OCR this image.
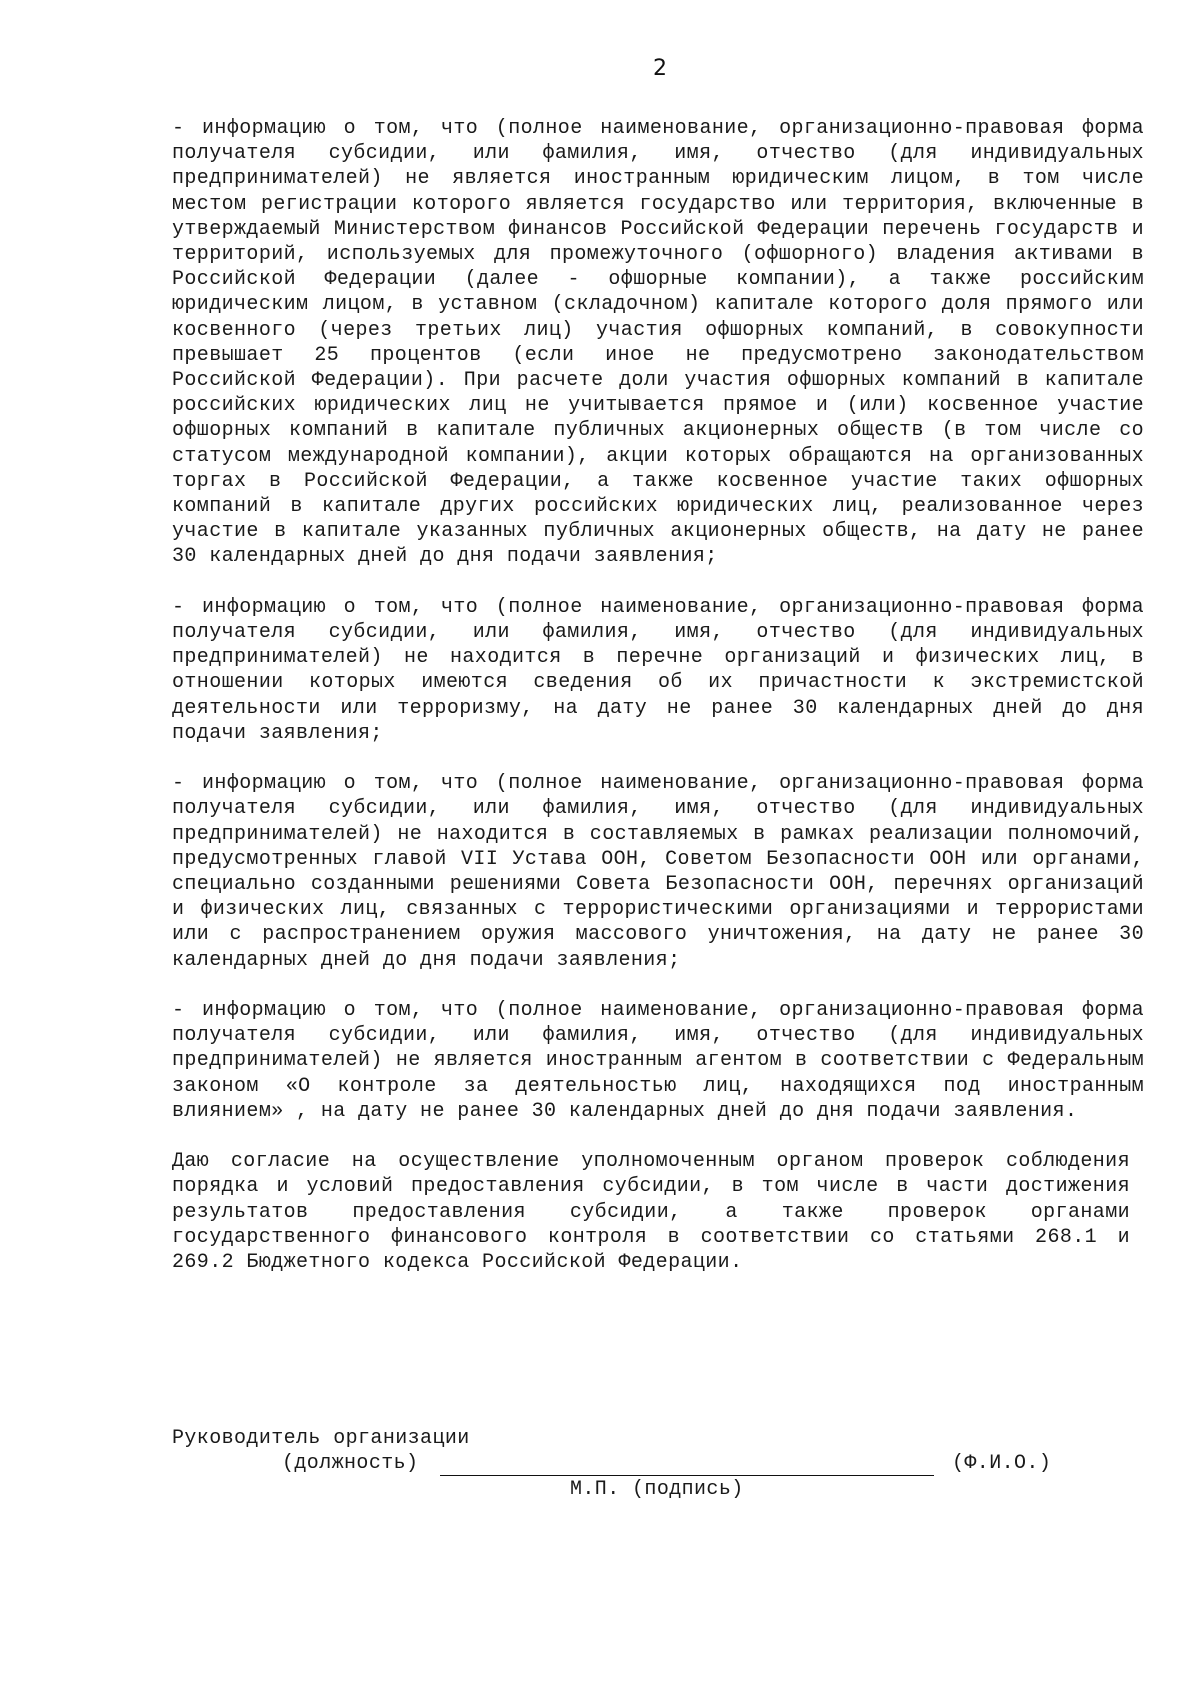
2

- информацию о том, что (полное наименование, организационно-правовая форма получателя субсидии, или фамилия, имя, отчество (для индивидуальных предпринимателей) не является иностранным юридическим лицом, в том числе местом регистрации которого является государство или территория, включенные в утверждаемый Министерством финансов Российской Федерации перечень государств и территорий, используемых для промежуточного (офшорного) владения активами в Российской Федерации (далее - офшорные компании), а также российским юридическим лицом, в уставном (складочном) капитале которого доля прямого или косвенного (через третьих лиц) участия офшорных компаний, в совокупности превышает 25 процентов (если иное не предусмотрено законодательством Российской Федерации). При расчете доли участия офшорных компаний в капитале российских юридических лиц не учитывается прямое и (или) косвенное участие офшорных компаний в капитале публичных акционерных обществ (в том числе со статусом международной компании), акции которых обращаются на организованных торгах в Российской Федерации, а также косвенное участие таких офшорных компаний в капитале других российских юридических лиц, реализованное через участие в капитале указанных публичных акционерных обществ, на дату не ранее 30 календарных дней до дня подачи заявления;

- информацию о том, что (полное наименование, организационно-правовая форма получателя субсидии, или фамилия, имя, отчество (для индивидуальных предпринимателей) не находится в перечне организаций и физических лиц, в отношении которых имеются сведения об их причастности к экстремистской деятельности или терроризму, на дату не ранее 30 календарных дней до дня подачи заявления;

- информацию о том, что (полное наименование, организационно-правовая форма получателя субсидии, или фамилия, имя, отчество (для индивидуальных предпринимателей) не находится в составляемых в рамках реализации полномочий, предусмотренных главой VII Устава ООН, Советом Безопасности ООН или органами, специально созданными решениями Совета Безопасности ООН, перечнях организаций и физических лиц, связанных с террористическими организациями и террористами или с распространением оружия массового уничтожения, на дату не ранее 30 календарных дней до дня подачи заявления;

- информацию о том, что (полное наименование, организационно-правовая форма получателя субсидии, или фамилия, имя, отчество (для индивидуальных предпринимателей) не является иностранным агентом в соответствии с Федеральным законом «О контроле за деятельностью лиц, находящихся под иностранным влиянием» , на дату не ранее 30 календарных дней до дня подачи заявления.

Даю согласие на осуществление уполномоченным органом проверок соблюдения порядка и условий предоставления субсидии, в том числе в части достижения результатов предоставления субсидии, а также проверок органами государственного финансового контроля в соответствии со статьями 268.1 и 269.2 Бюджетного кодекса Российской Федерации.

Руководитель организации
(должность)	(Ф.И.О.)
М.П. (подпись)
